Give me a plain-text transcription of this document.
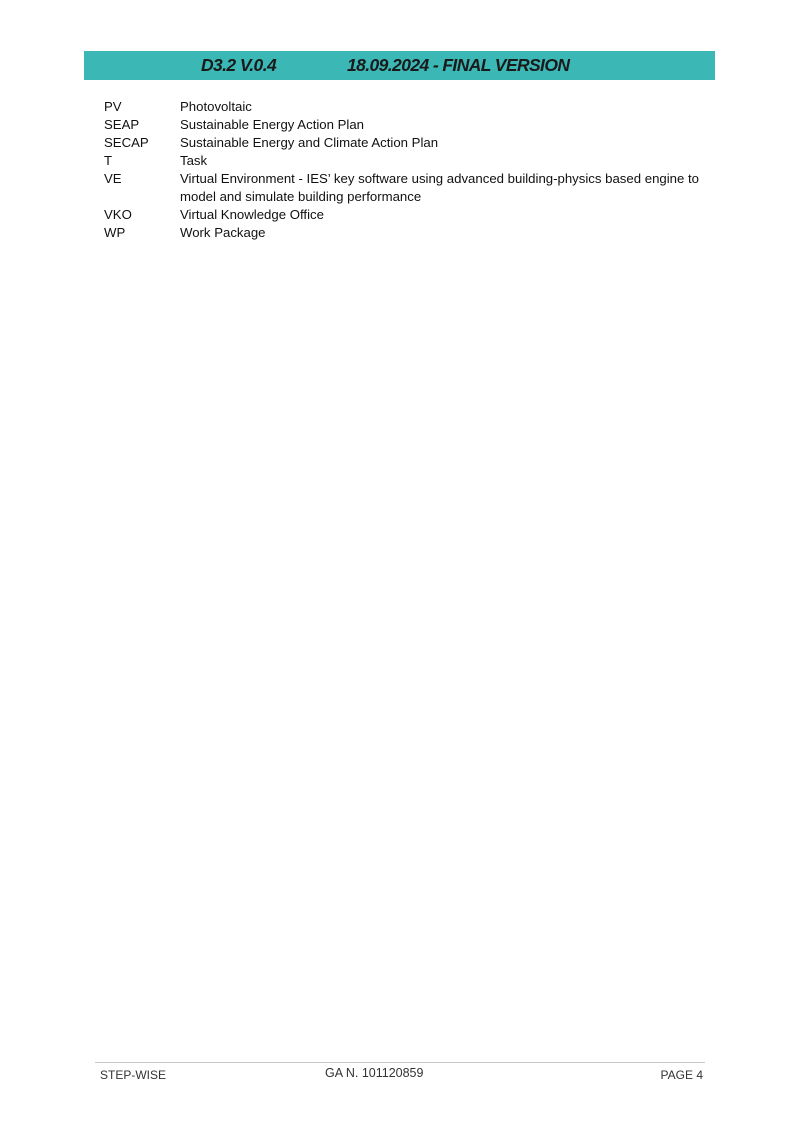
D3.2 V.0.4	18.09.2024 - FINAL VERSION
PV	Photovoltaic
SEAP	Sustainable Energy Action Plan
SECAP	Sustainable Energy and Climate Action Plan
T	Task
VE	Virtual Environment - IES’ key software using advanced building-physics based engine to model and simulate building performance
VKO	Virtual Knowledge Office
WP	Work Package
STEP-WISE	GA N. 101120859	PAGE 4
